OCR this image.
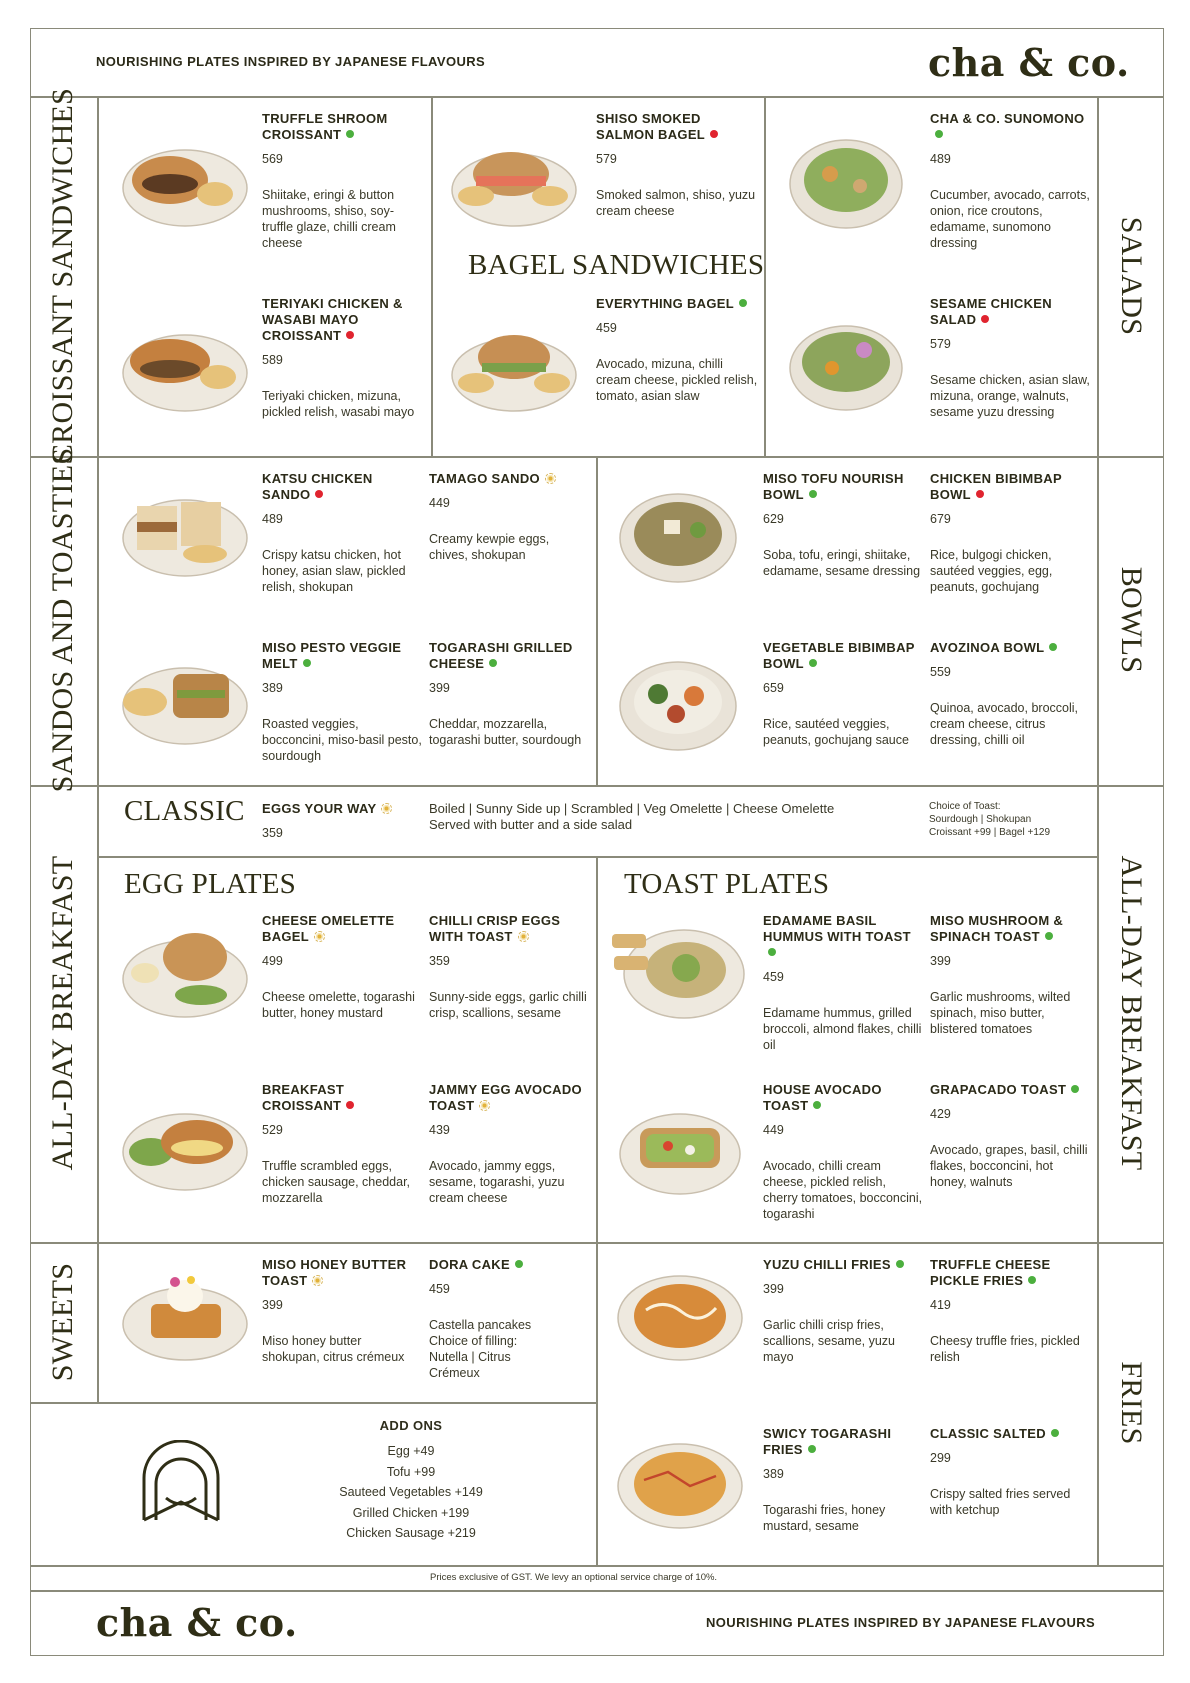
NOURISHING PLATES INSPIRED BY JAPANESE FLAVOURS	cha & co.
cha & co.	NOURISHING PLATES INSPIRED BY JAPANESE FLAVOURS
Prices exclusive of GST. We levy an optional service charge of 10%.
CROISSANT SANDWICHES
SANDOS AND TOASTIES
ALL-DAY BREAKFAST
SWEETS
SALADS
BOWLS
ALL-DAY BREAKFAST
FRIES
BAGEL SANDWICHES
CLASSIC
EGG PLATES	TOAST PLATES
TRUFFLE SHROOM CROISSANT
569
Shiitake, eringi & button mushrooms, shiso, soy-truffle glaze, chilli cream cheese
TERIYAKI CHICKEN & WASABI MAYO CROISSANT
589
Teriyaki chicken, mizuna, pickled relish, wasabi mayo
SHISO SMOKED SALMON BAGEL
579
Smoked salmon, shiso, yuzu cream cheese
EVERYTHING BAGEL
459
Avocado, mizuna, chilli cream cheese, pickled relish, tomato, asian slaw
CHA & CO. SUNOMONO
489
Cucumber, avocado, carrots, onion, rice croutons, edamame, sunomono dressing
SESAME CHICKEN SALAD
579
Sesame chicken, asian slaw, mizuna, orange, walnuts, sesame yuzu dressing
KATSU CHICKEN SANDO
489
Crispy katsu chicken, hot honey, asian slaw, pickled relish, shokupan
TAMAGO SANDO
449
Creamy kewpie eggs, chives, shokupan
MISO PESTO VEGGIE MELT
389
Roasted veggies, bocconcini, miso-basil pesto, sourdough
TOGARASHI GRILLED CHEESE
399
Cheddar, mozzarella, togarashi butter, sourdough
MISO TOFU NOURISH BOWL
629
Soba, tofu, eringi, shiitake, edamame, sesame dressing
CHICKEN BIBIMBAP BOWL
679
Rice, bulgogi chicken, sautéed veggies, egg, peanuts, gochujang
VEGETABLE BIBIMBAP BOWL
659
Rice, sautéed veggies, peanuts, gochujang sauce
AVOZINOA BOWL
559
Quinoa, avocado, broccoli, cream cheese, citrus dressing, chilli oil
EGGS YOUR WAY
359
Boiled | Sunny Side up | Scrambled | Veg Omelette | Cheese Omelette
Served with butter and a side salad
Choice of Toast:
Sourdough | Shokupan
Croissant +99 | Bagel +129
CHEESE OMELETTE BAGEL
499
Cheese omelette, togarashi butter, honey mustard
CHILLI CRISP EGGS WITH TOAST
359
Sunny-side eggs, garlic chilli crisp, scallions, sesame
BREAKFAST CROISSANT
529
Truffle scrambled eggs, chicken sausage, cheddar, mozzarella
JAMMY EGG AVOCADO TOAST
439
Avocado, jammy eggs, sesame, togarashi, yuzu cream cheese
EDAMAME BASIL HUMMUS WITH TOAST
459
Edamame hummus, grilled broccoli, almond flakes, chilli oil
MISO MUSHROOM & SPINACH TOAST
399
Garlic mushrooms, wilted spinach, miso butter, blistered tomatoes
HOUSE AVOCADO TOAST
449
Avocado, chilli cream cheese, pickled relish, cherry tomatoes, bocconcini, togarashi
GRAPACADO TOAST
429
Avocado, grapes, basil, chilli flakes, bocconcini, hot honey, walnuts
MISO HONEY BUTTER TOAST
399
Miso honey butter shokupan, citrus crémeux
DORA CAKE
459
Castella pancakes Choice of filling: Nutella | Citrus Crémeux
YUZU CHILLI FRIES
399
Garlic chilli crisp fries, scallions, sesame, yuzu mayo
TRUFFLE CHEESE PICKLE FRIES
419
Cheesy truffle fries, pickled relish
SWICY TOGARASHI FRIES
389
Togarashi fries, honey mustard, sesame
CLASSIC SALTED
299
Crispy salted fries served with ketchup
ADD ONS
Egg +49
Tofu +99
Sauteed Vegetables +149
Grilled Chicken +199
Chicken Sausage +219
